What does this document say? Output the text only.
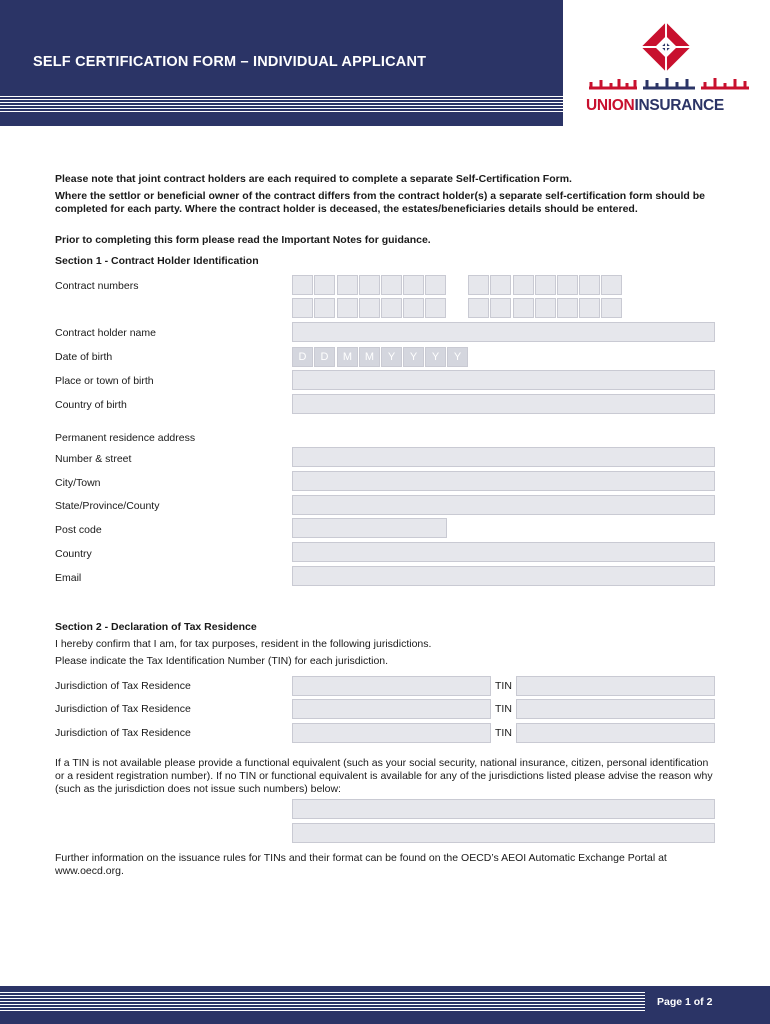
SELF CERTIFICATION FORM – INDIVIDUAL APPLICANT
UNIONINSURANCE
Please note that joint contract holders are each required to complete a separate Self-Certification Form.
Where the settlor or beneficial owner of the contract differs from the contract holder(s) a separate self-certification form should be completed for each party. Where the contract holder is deceased, the estates/beneficiaries details should be entered.
Prior to completing this form please read the Important Notes for guidance.
Section 1 - Contract Holder Identification
Contract numbers
Contract holder name
Date of birth	D	D	M	M	Y	Y	Y	Y
Place or town of birth
Country of birth
Permanent residence address
Number & street
City/Town
State/Province/County
Post code
Country
Email
Section 2 - Declaration of Tax Residence
I hereby confirm that I am, for tax purposes, resident in the following jurisdictions.
Please indicate the Tax Identification Number (TIN) for each jurisdiction.
Jurisdiction of Tax Residence	TIN
Jurisdiction of Tax Residence	TIN
Jurisdiction of Tax Residence	TIN
If a TIN is not available please provide a functional equivalent (such as your social security, national insurance, citizen, personal identification or a resident registration number). If no TIN or functional equivalent is available for any of the jurisdictions listed please advise the reason why (such as the jurisdiction does not issue such numbers) below:
Further information on the issuance rules for TINs and their format can be found on the OECD’s AEOI Automatic Exchange Portal at www.oecd.org.
Page 1 of 2
